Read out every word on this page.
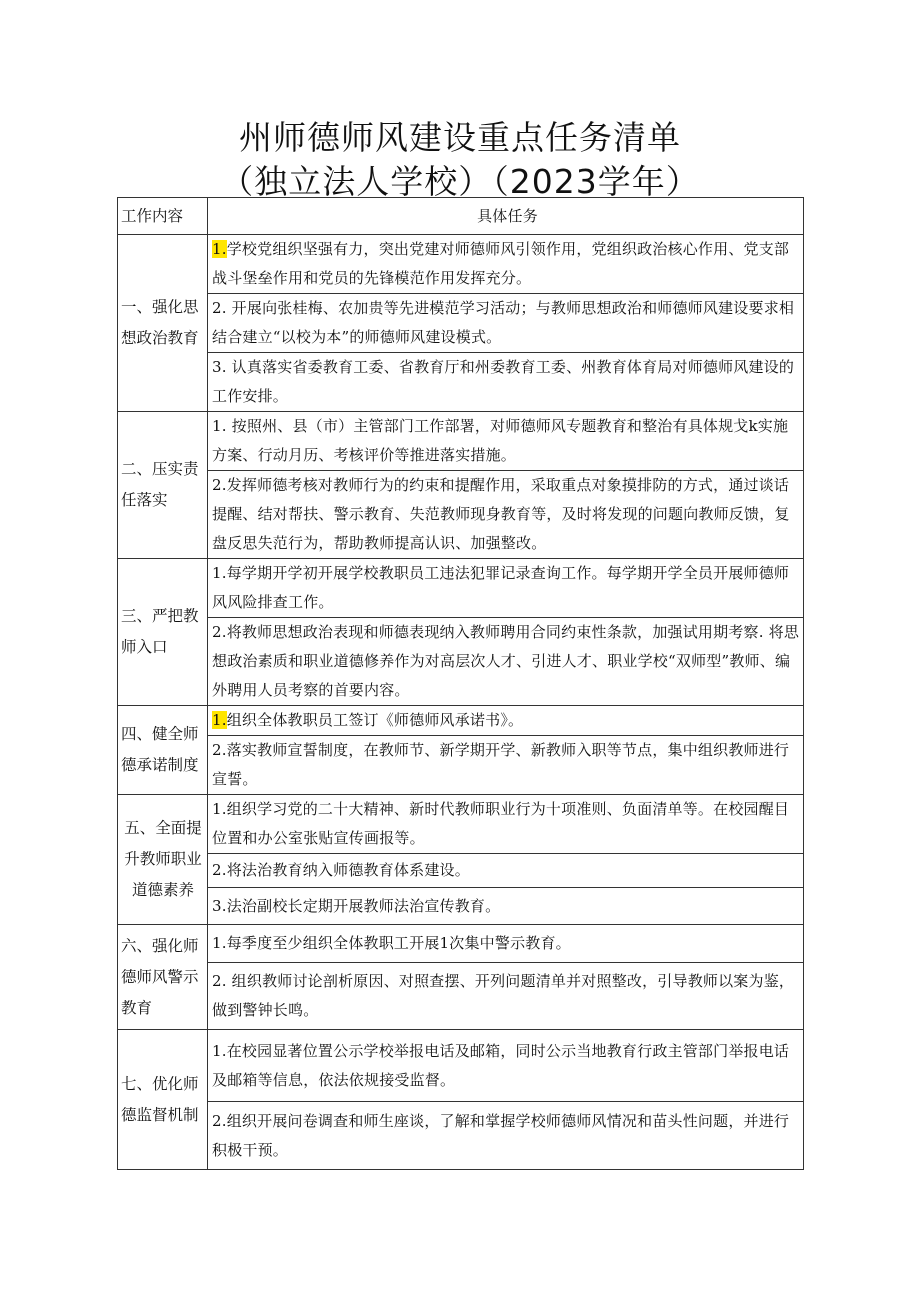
州师德师风建设重点任务清单
（独立法人学校）（2023学年）
工作内容	具体任务
一、强化思想政治教育	1.学校党组织坚强有力，突出党建对师德师风引领作用，党组织政治核心作用、党支部战斗堡垒作用和党员的先锋模范作用发挥充分。
	2. 开展向张桂梅、农加贵等先进模范学习活动；与教师思想政治和师德师风建设要求相结合建立“以校为本”的师德师风建设模式。
	3. 认真落实省委教育工委、省教育厅和州委教育工委、州教育体育局对师德师风建设的工作安排。
二、压实责任落实	1. 按照州、县（市）主管部门工作部署，对师德师风专题教育和整治有具体规戈k实施方案、行动月历、考核评价等推进落实措施。
	2.发挥师德考核对教师行为的约束和提醒作用，采取重点对象摸排防的方式，通过谈话提醒、结对帮扶、警示教育、失范教师现身教育等，及时将发现的问题向教师反馈，复盘反思失范行为，帮助教师提高认识、加强整改。
三、严把教师入口	1.每学期开学初开展学校教职员工违法犯罪记录查询工作。每学期开学全员开展师德师风风险排查工作。
	2.将教师思想政治表现和师德表现纳入教师聘用合同约束性条款，加强试用期考察. 将思想政治素质和职业道德修养作为对高层次人才、引进人才、职业学校“双师型”教师、编外聘用人员考察的首要内容。
四、健全师德承诺制度	1.组织全体教职员工签订《师德师风承诺书》。
	2.落实教师宣誓制度，在教师节、新学期开学、新教师入职等节点，集中组织教师进行宣誓。
五、全面提升教师职业道德素养	1.组织学习党的二十大精神、新时代教师职业行为十项准则、负面清单等。在校园醒目位置和办公室张贴宣传画报等。
	2.将法治教育纳入师德教育体系建设。
	3.法治副校长定期开展教师法治宣传教育。
六、强化师德师风警示教育	1.每季度至少组织全体教职工开展1次集中警示教育。
	2. 组织教师讨论剖析原因、对照查摆、开列问题清单并对照整改，引导教师以案为鉴，做到警钟长鸣。
七、优化师德监督机制	1.在校园显著位置公示学校举报电话及邮箱，同时公示当地教育行政主管部门举报电话及邮箱等信息，依法依规接受监督。
	2.组织开展问卷调查和师生座谈，了解和掌握学校师德师风情况和苗头性问题，并进行积极干预。
